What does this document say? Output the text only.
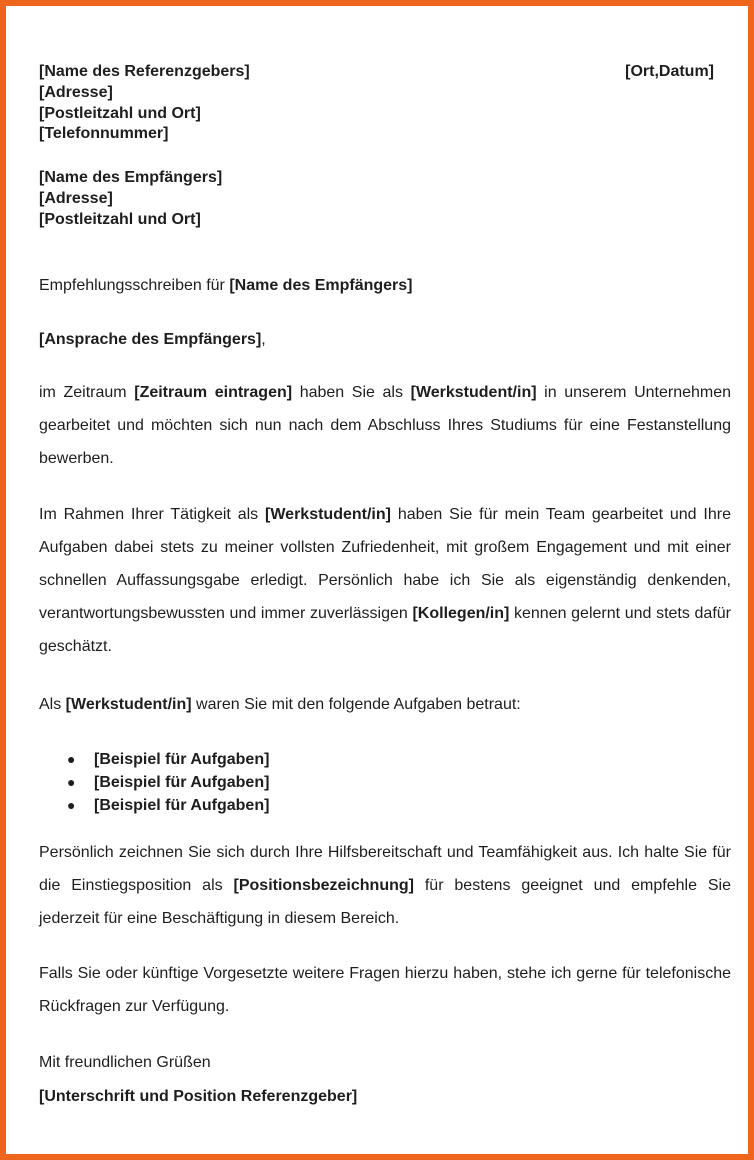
[Name des Referenzgebers]	[Ort,Datum]
[Adresse]
[Postleitzahl und Ort]
[Telefonnummer]
[Name des Empfängers]
[Adresse]
[Postleitzahl und Ort]
Empfehlungsschreiben für [Name des Empfängers]
[Ansprache des Empfängers],

im Zeitraum [Zeitraum eintragen] haben Sie als [Werkstudent/in] in unserem Unternehmen gearbeitet und möchten sich nun nach dem Abschluss Ihres Studiums für eine Festanstellung bewerben.

Im Rahmen Ihrer Tätigkeit als [Werkstudent/in] haben Sie für mein Team gearbeitet und Ihre Aufgaben dabei stets zu meiner vollsten Zufriedenheit, mit großem Engagement und mit einer schnellen Auffassungsgabe erledigt. Persönlich habe ich Sie als eigenständig denkenden, verantwortungsbewussten und immer zuverlässigen [Kollegen/in] kennen gelernt und stets dafür geschätzt.

Als [Werkstudent/in] waren Sie mit den folgende Aufgaben betraut:
●	[Beispiel für Aufgaben]
●	[Beispiel für Aufgaben]
●	[Beispiel für Aufgaben]

Persönlich zeichnen Sie sich durch Ihre Hilfsbereitschaft und Teamfähigkeit aus. Ich halte Sie für die Einstiegsposition als [Positionsbezeichnung] für bestens geeignet und empfehle Sie jederzeit für eine Beschäftigung in diesem Bereich.

Falls Sie oder künftige Vorgesetzte weitere Fragen hierzu haben, stehe ich gerne für telefonische Rückfragen zur Verfügung.

Mit freundlichen Grüßen
[Unterschrift und Position Referenzgeber]
